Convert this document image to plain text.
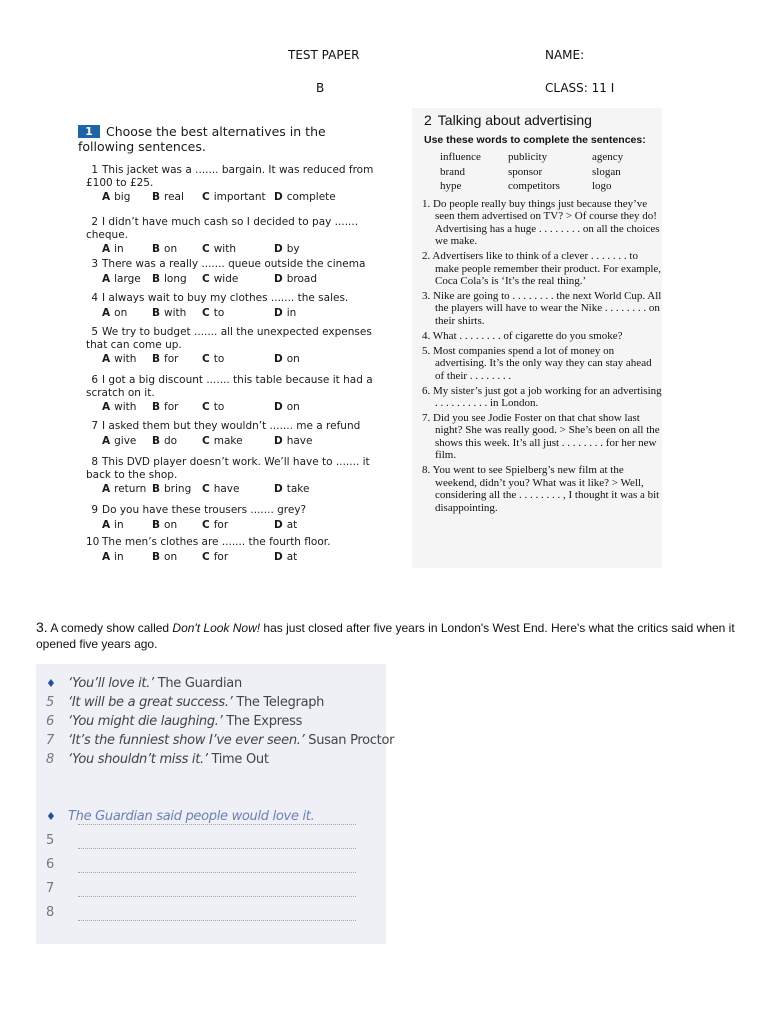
TEST PAPER
B
NAME:
CLASS: 11 I
1 Choose the best alternatives in the
following sentences.
1 This jacket was a ....... bargain. It was reduced from £100 to £25.
A big B real C important D complete
2 I didn’t have much cash so I decided to pay ....... cheque.
A in	B on C with	D by
3 There was a really ....... queue outside the cinema
A large B long C wide	D broad
4 I always wait to buy my clothes ....... the sales.
A on B with C to	D in
5 We try to budget ....... all the unexpected expenses that can come up.
A with B for C to	D on
6 I got a big discount ....... this table because it had a scratch on it.
A with B for C to	D on
7 I asked them but they wouldn’t ....... me a refund
A give B do C make	D have
8 This DVD player doesn’t work. We’ll have to ....... it back to the shop.
A return B bring C have	D take
9 Do you have these trousers ....... grey?
A in	B on C for	D at
10 The men’s clothes are ....... the fourth floor.
A in	B on C for	D at
2 Talking about advertising
Use these words to complete the sentences:
influence publicity	agency
brand	sponsor	slogan
hype	competitors	logo
1. Do people really buy things just because they’ve seen them advertised on TV? > Of course they do! Advertising has a huge . . . . . . . . on all the choices we make.
2. Advertisers like to think of a clever . . . . . . . to make people remember their product. For example, Coca Cola’s is ‘It’s the real thing.’
3. Nike are going to . . . . . . . . the next World Cup. All the players will have to wear the Nike . . . . . . . . on their shirts.
4. What . . . . . . . . of cigarette do you smoke?
5. Most companies spend a lot of money on advertising. It’s the only way they can stay ahead of their . . . . . . . .
6. My sister’s just got a job working for an advertising . . . . . . . . . . in London.
7. Did you see Jodie Foster on that chat show last night? She was really good. > She’s been on all the shows this week. It’s all just . . . . . . . . for her new film.
8. You went to see Spielberg’s new film at the weekend, didn’t you? What was it like? > Well, considering all the . . . . . . . . , I thought it was a bit disappointing.
3. A comedy show called Don't Look Now! has just closed after five years in London's West End. Here's what the critics said when it opened five years ago.
♦ ‘You’ll love it.’ The Guardian
5 ‘It will be a great success.’ The Telegraph
6 ‘You might die laughing.’ The Express
7 ‘It’s the funniest show I’ve ever seen.’ Susan Proctor
8 ‘You shouldn’t miss it.’ Time Out
♦ The Guardian said people would love it.
5
6
7
8
